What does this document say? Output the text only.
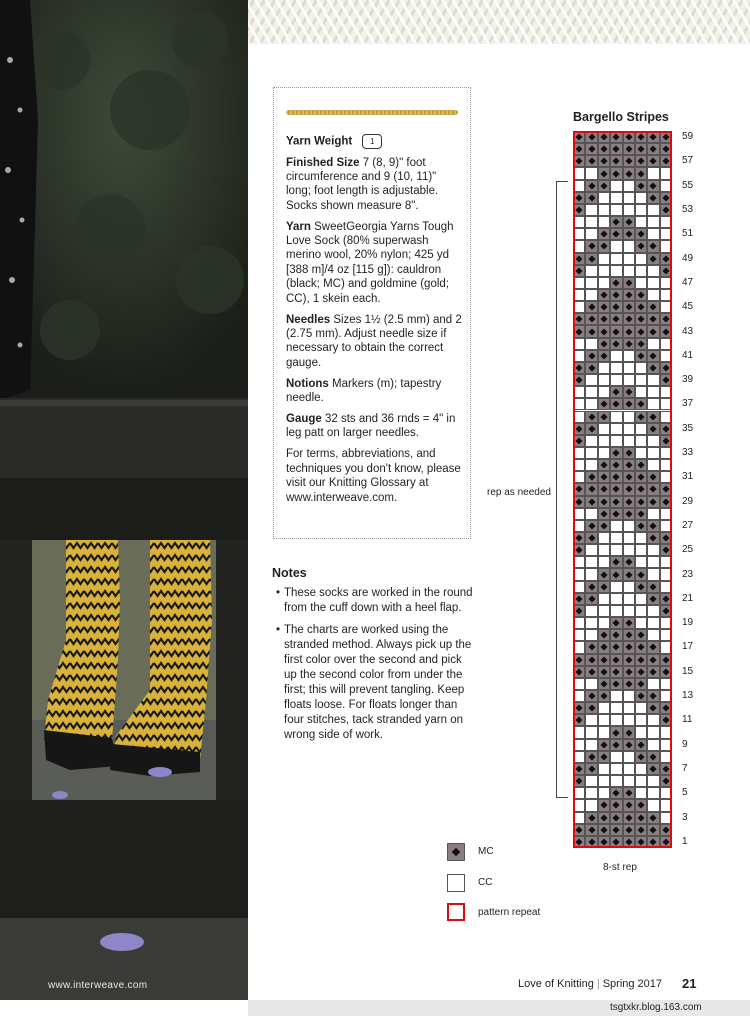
Yarn Weight 1

Finished Size 7 (8, 9)" foot circumference and 9 (10, 11)" long; foot length is adjustable. Socks shown measure 8".

Yarn SweetGeorgia Yarns Tough Love Sock (80% superwash merino wool, 20% nylon; 425 yd [388 m]/4 oz [115 g]): cauldron (black; MC) and goldmine (gold; CC), 1 skein each.

Needles Sizes 1½ (2.5 mm) and 2 (2.75 mm). Adjust needle size if necessary to obtain the correct gauge.

Notions Markers (m); tapestry needle.

Gauge 32 sts and 36 rnds = 4" in leg patt on larger needles.

For terms, abbreviations, and techniques you don't know, please visit our Knitting Glossary at www.interweave.com.

Notes
• These socks are worked in the round from the cuff down with a heel flap.
• The charts are worked using the stranded method. Always pick up the first color over the second and pick up the second color from under the first; this will prevent tangling. Keep floats loose. For floats longer than four stitches, tack stranded yarn on wrong side of work.
Bargello Stripes
1
3
5
7
9
11
13
15
17
19
21
23
25
27
29
31
33
35
37
39
41
43
45
47
49
51
53
55
57
59
rep as needed
8-st rep
MC
CC
pattern repeat
www.interweave.com	Love of Knitting | Spring 2017 21
tsgtxkr.blog.163.com
